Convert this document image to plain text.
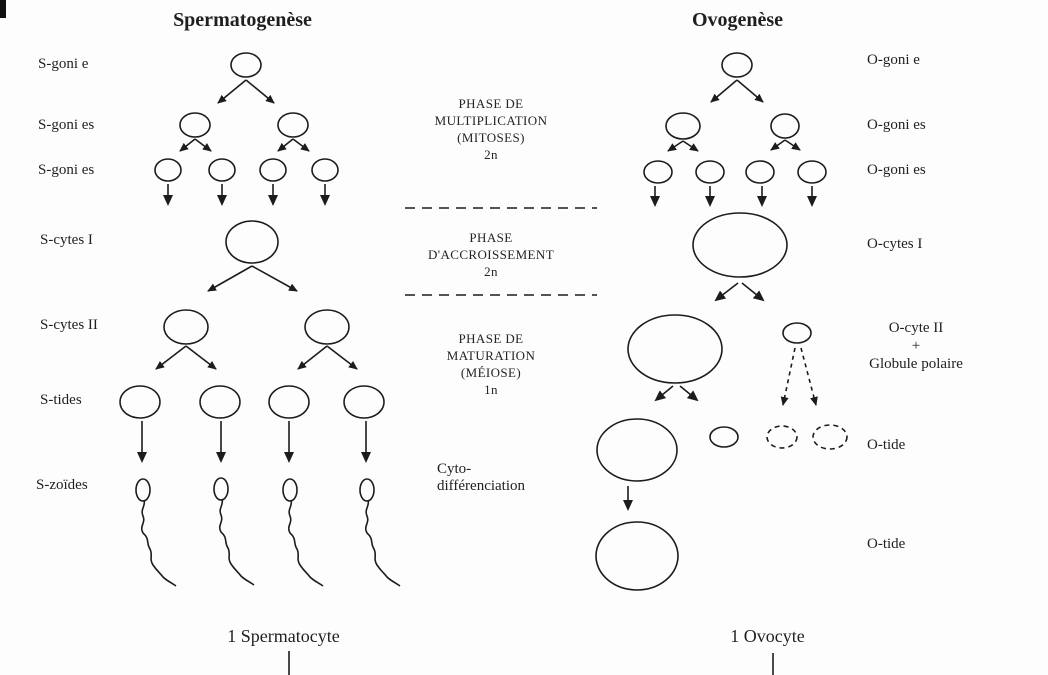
Spermatogenèse	Ovogenèse
S-goni e
S-goni es
S-goni es
S-cytes I
S-cytes II
S-tides
S-zoïdes
O-goni e
O-goni es
O-goni es
O-cytes I
O-cyte II
+
Globule polaire
O-tide
O-tide
PHASE DE
MULTIPLICATION
(MITOSES)
2n
PHASE
D'ACCROISSEMENT
2n
PHASE DE
MATURATION
(MÉIOSE)
1n
Cyto-
différenciation
1 Spermatocyte	1 Ovocyte
